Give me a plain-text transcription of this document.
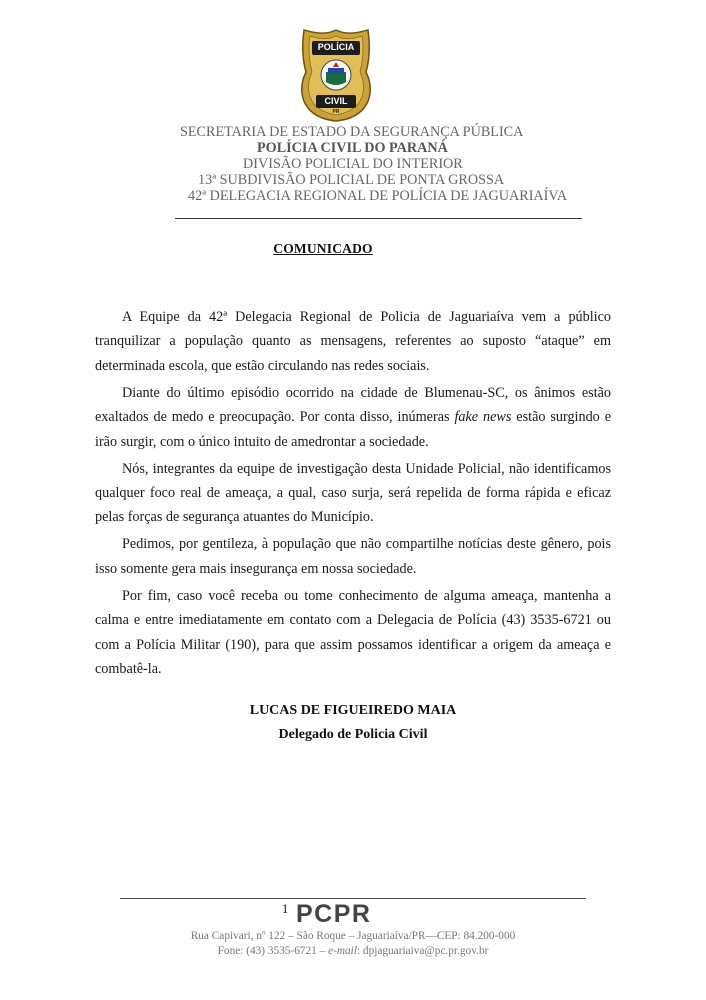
PR
POLÍCIA
CIVIL
SECRETARIA DE ESTADO DA SEGURANÇA PÚBLICA
POLÍCIA CIVIL DO PARANÁ
DIVISÃO POLICIAL DO INTERIOR
13ª SUBDIVISÃO POLICIAL DE PONTA GROSSA
42ª DELEGACIA REGIONAL DE POLÍCIA DE JAGUARIAÍVA
COMUNICADO

A Equipe da 42ª Delegacia Regional de Policia de Jaguariaíva vem a público tranquilizar a população quanto as mensagens, referentes ao suposto “ataque” em determinada escola, que estão circulando nas redes sociais.

Diante do último episódio ocorrido na cidade de Blumenau-SC, os ânimos estão exaltados de medo e preocupação. Por conta disso, inúmeras fake news estão surgindo e irão surgir, com o único intuito de amedrontar a sociedade.

Nós, integrantes da equipe de investigação desta Unidade Policial, não identificamos qualquer foco real de ameaça, a qual, caso surja, será repelida de forma rápida e eficaz pelas forças de segurança atuantes do Município.

Pedimos, por gentileza, à população que não compartilhe notícias deste gênero, pois isso somente gera mais insegurança em nossa sociedade.

Por fim, caso você receba ou tome conhecimento de alguma ameaça, mantenha a calma e entre imediatamente em contato com a Delegacia de Polícia (43) 3535-6721 ou com a Polícia Militar (190), para que assim possamos identificar a origem da ameaça e combatê-la.

LUCAS DE FIGUEIREDO MAIA
Delegado de Policia Civil
1 PCPR
Rua Capivari, nº 122 – São Roque – Jaguariaíva/PR—CEP: 84.200-000
Fone: (43) 3535-6721 – e-mail: dpjaguariaiva@pc.pr.gov.br
